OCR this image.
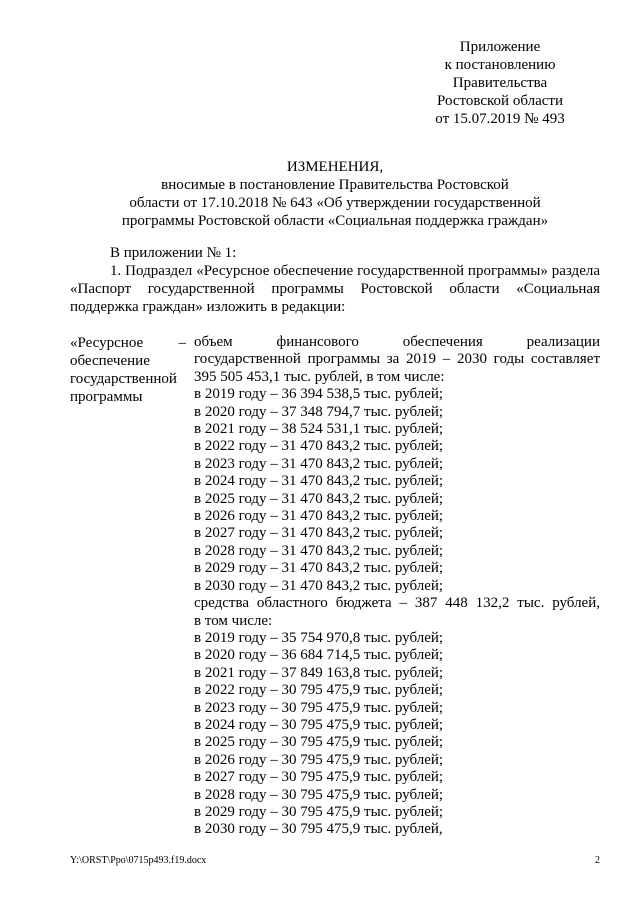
Приложение
к постановлению
Правительства
Ростовской области
от 15.07.2019 № 493
ИЗМЕНЕНИЯ,
вносимые в постановление Правительства Ростовской
области от 17.10.2018 № 643 «Об утверждении государственной
программы Ростовской области «Социальная поддержка граждан»

В приложении № 1:

1. Подраздел «Ресурсное обеспечение государственной программы» раздела «Паспорт государственной программы Ростовской области «Социальная поддержка граждан» изложить в редакции:

«Ресурсное –
обеспечение
государственной
программы
объем финансового обеспечения реализации
государственной программы за 2019 – 2030 годы составляет
395 505 453,1 тыс. рублей, в том числе:
в 2019 году – 36 394 538,5 тыс. рублей;
в 2020 году – 37 348 794,7 тыс. рублей;
в 2021 году – 38 524 531,1 тыс. рублей;
в 2022 году – 31 470 843,2 тыс. рублей;
в 2023 году – 31 470 843,2 тыс. рублей;
в 2024 году – 31 470 843,2 тыс. рублей;
в 2025 году – 31 470 843,2 тыс. рублей;
в 2026 году – 31 470 843,2 тыс. рублей;
в 2027 году – 31 470 843,2 тыс. рублей;
в 2028 году – 31 470 843,2 тыс. рублей;
в 2029 году – 31 470 843,2 тыс. рублей;
в 2030 году – 31 470 843,2 тыс. рублей;
средства областного бюджета – 387 448 132,2 тыс. рублей,
в том числе:
в 2019 году – 35 754 970,8 тыс. рублей;
в 2020 году – 36 684 714,5 тыс. рублей;
в 2021 году – 37 849 163,8 тыс. рублей;
в 2022 году – 30 795 475,9 тыс. рублей;
в 2023 году – 30 795 475,9 тыс. рублей;
в 2024 году – 30 795 475,9 тыс. рублей;
в 2025 году – 30 795 475,9 тыс. рублей;
в 2026 году – 30 795 475,9 тыс. рублей;
в 2027 году – 30 795 475,9 тыс. рублей;
в 2028 году – 30 795 475,9 тыс. рублей;
в 2029 году – 30 795 475,9 тыс. рублей;
в 2030 году – 30 795 475,9 тыс. рублей,
Y:\ORST\Ppo\0715p493.f19.docx	2
